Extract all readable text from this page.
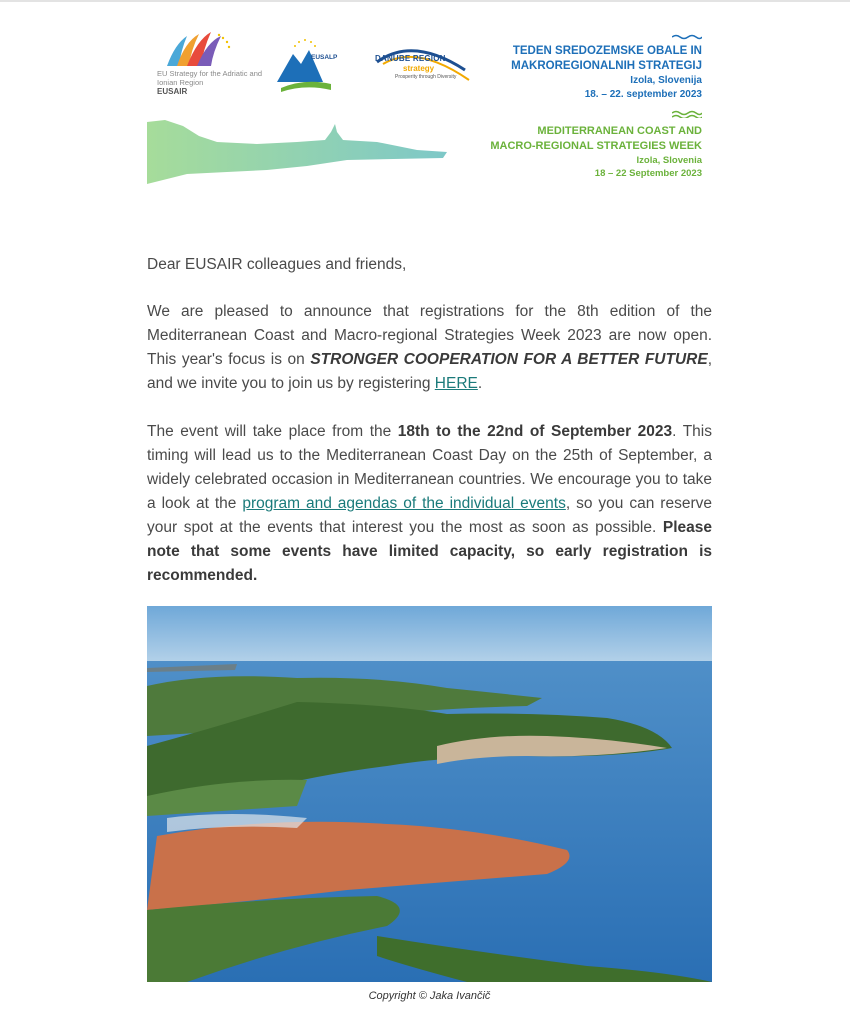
EU Strategy for the Adriatic and Ionian Region
EUSAIR
EUSALP	DANUBE REGION
strategy
Prosperity through Diversity
TEDEN SREDOZEMSKE OBALE IN
MAKROREGIONALNIH STRATEGIJ
Izola, Slovenija
18. – 22. september 2023
MEDITERRANEAN COAST AND
MACRO-REGIONAL STRATEGIES WEEK
Izola, Slovenia
18 – 22 September 2023
Dear EUSAIR colleagues and friends,
We are pleased to announce that registrations for the 8th edition of the Mediterranean Coast and Macro-regional Strategies Week 2023 are now open. This year's focus is on STRONGER COOPERATION FOR A BETTER FUTURE, and we invite you to join us by registering HERE.
The event will take place from the 18th to the 22nd of September 2023. This timing will lead us to the Mediterranean Coast Day on the 25th of September, a widely celebrated occasion in Mediterranean countries. We encourage you to take a look at the program and agendas of the individual events, so you can reserve your spot at the events that interest you the most as soon as possible. Please note that some events have limited capacity, so early registration is recommended.
Copyright © Jaka Ivančič
